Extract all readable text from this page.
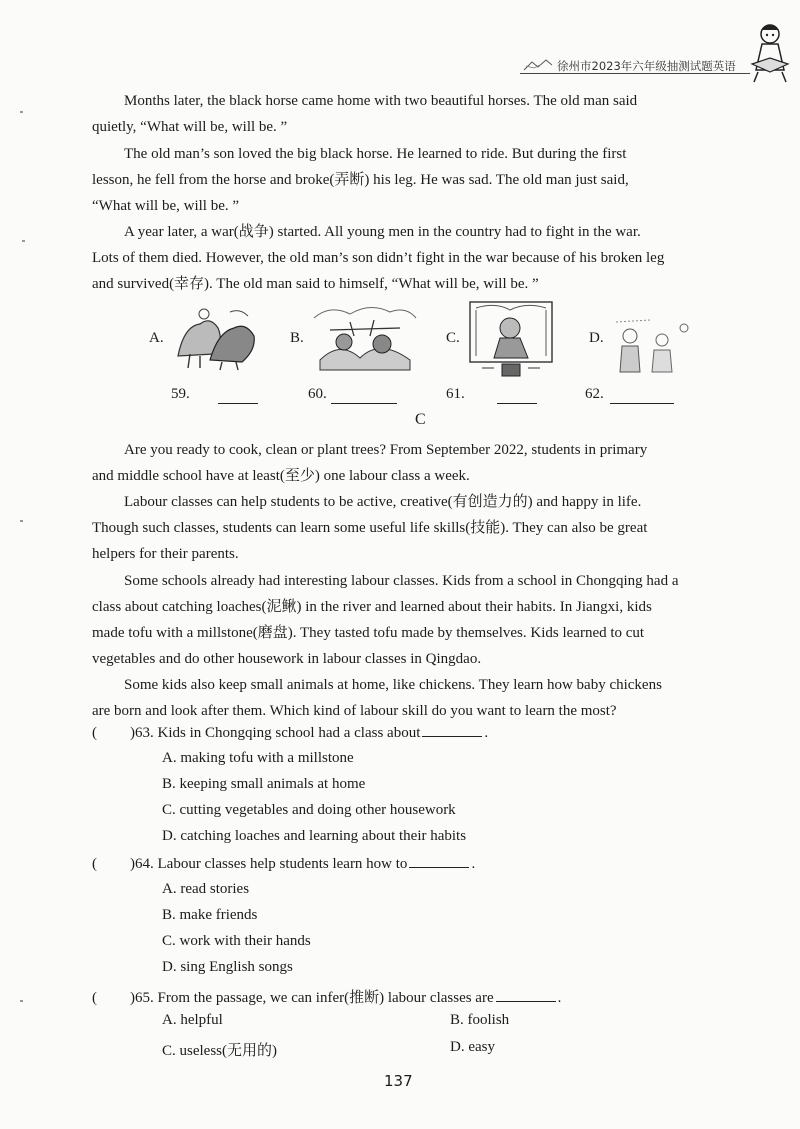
徐州市2023年六年级抽测试题英语

Months later, the black horse came home with two beautiful horses. The old man said
quietly, “What will be, will be. ”

The old man’s son loved the big black horse. He learned to ride. But during the first
lesson, he fell from the horse and broke(弄断) his leg. He was sad. The old man just said,
“What will be, will be. ”

A year later, a war(战争) started. All young men in the country had to fight in the war.
Lots of them died. However, the old man’s son didn’t fight in the war because of his broken leg
and survived(幸存). The old man said to himself, “What will be, will be. ”

A.	B.	C.	D.
59.	60.	61.	62.
C

Are you ready to cook, clean or plant trees? From September 2022, students in primary
and middle school have at least(至少) one labour class a week.

Labour classes can help students to be active, creative(有创造力的) and happy in life.
Though such classes, students can learn some useful life skills(技能). They can also be great
helpers for their parents.

Some schools already had interesting labour classes. Kids from a school in Chongqing had a
class about catching loaches(泥鳅) in the river and learned about their habits. In Jiangxi, kids
made tofu with a millstone(磨盘). They tasted tofu made by themselves. Kids learned to cut
vegetables and do other housework in labour classes in Qingdao.

Some kids also keep small animals at home, like chickens. They learn how baby chickens
are born and look after them. Which kind of labour skill do you want to learn the most?

( )63. Kids in Chongqing school had a class about	.
A. making tofu with a millstone
B. keeping small animals at home
C. cutting vegetables and doing other housework
D. catching loaches and learning about their habits
( )64. Labour classes help students learn how to	.
A. read stories
B. make friends
C. work with their hands
D. sing English songs
( )65. From the passage, we can infer(推断) labour classes are	.
A. helpful	B. foolish
C. useless(无用的)	D. easy
137
